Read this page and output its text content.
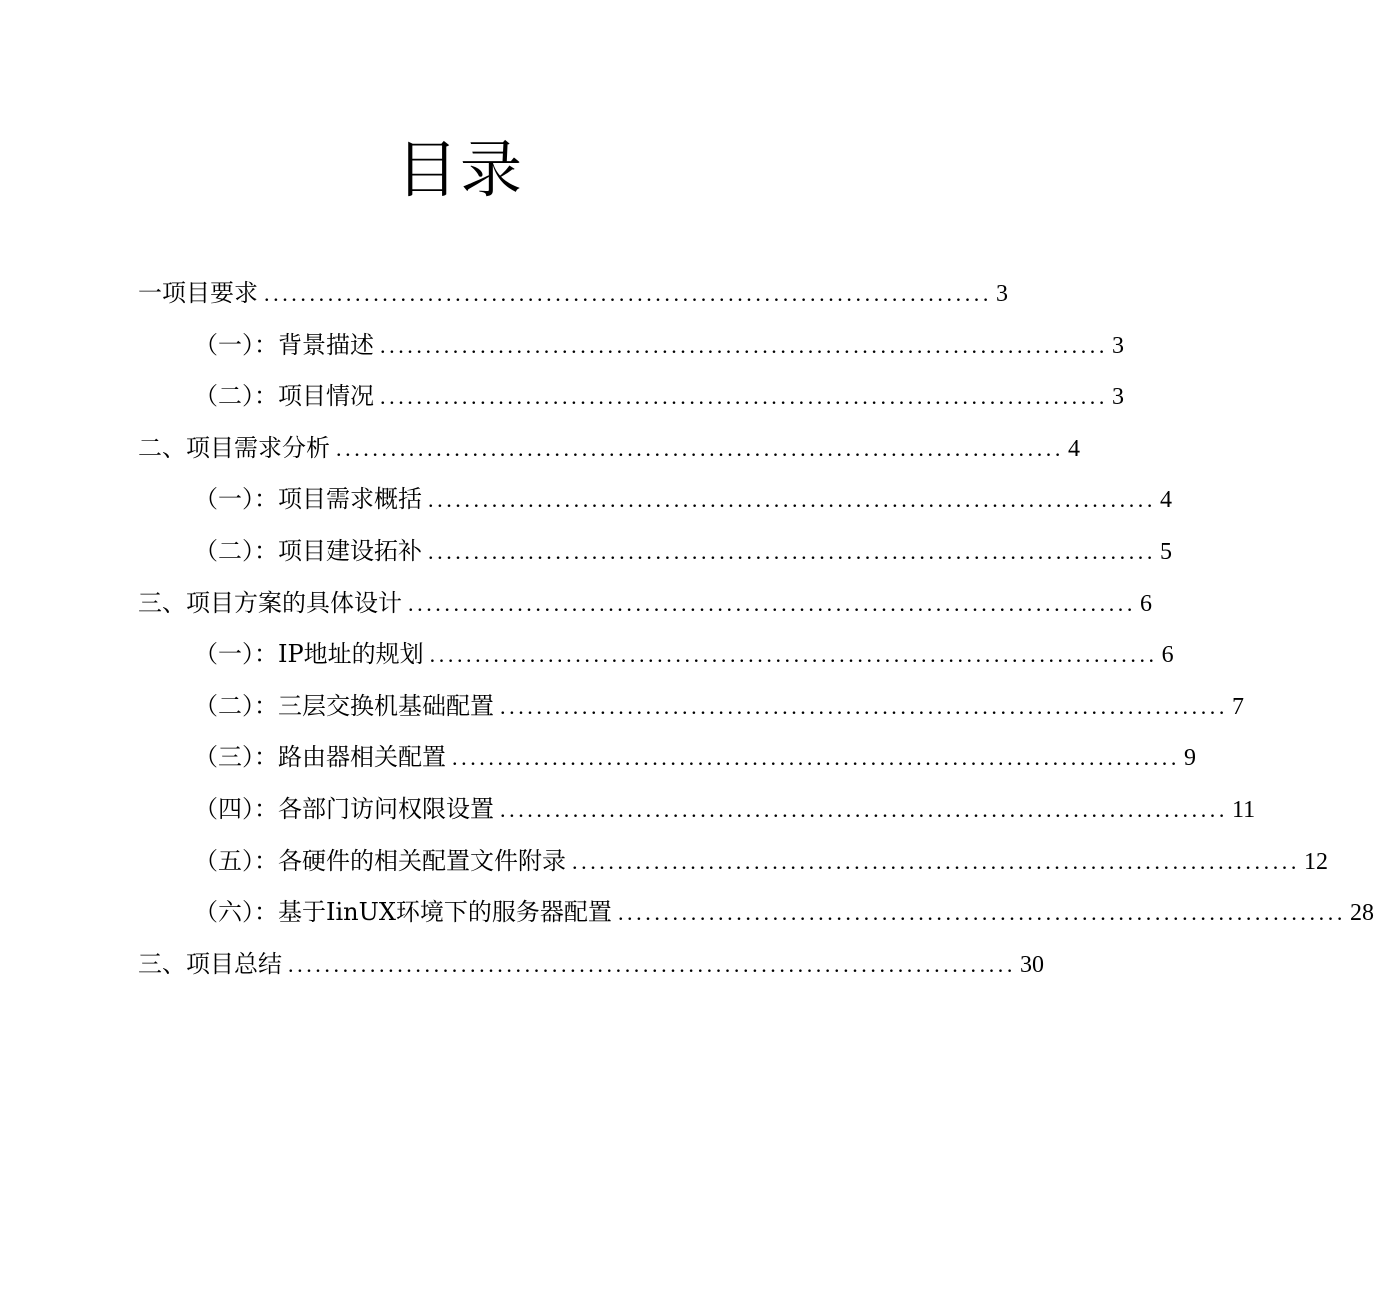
目录
一项目要求 ................................................................................ 3
（一）：背景描述 ................................................................................ 3
（二）：项目情况 ................................................................................ 3
二、项目需求分析 ................................................................................ 4
（一）：项目需求概括 ................................................................................ 4
（二）：项目建设拓补 ................................................................................ 5
三、项目方案的具体设计 ................................................................................ 6
（一）：IP地址的规划 ................................................................................ 6
（二）：三层交换机基础配置 ................................................................................ 7
（三）：路由器相关配置 ................................................................................ 9
（四）：各部门访问权限设置 ................................................................................ 11
（五）：各硬件的相关配置文件附录 ................................................................................ 12
（六）：基于IinUX环境下的服务器配置 ................................................................................ 28
三、项目总结 ................................................................................ 30
